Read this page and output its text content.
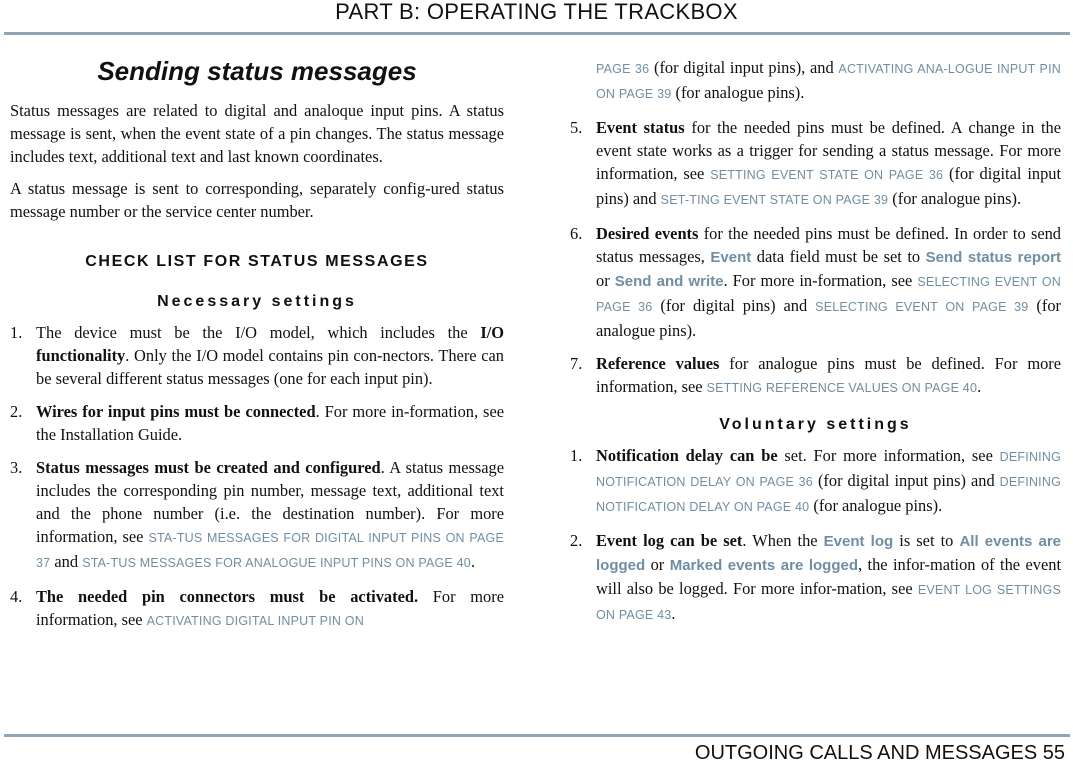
PART B: OPERATING THE TRACKBOX
Sending status messages

Status messages are related to digital and analoque input pins. A status message is sent, when the event state of a pin changes. The status message includes text, additional text and last known coordinates.

A status message is sent to corresponding, separately config-ured status message number or the service center number.

CHECK LIST FOR STATUS MESSAGES
Necessary settings
1. The device must be the I/O model, which includes the I/O functionality. Only the I/O model contains pin con-nectors. There can be several different status messages (one for each input pin).
2. Wires for input pins must be connected. For more in-formation, see the Installation Guide.
3. Status messages must be created and configured. A status message includes the corresponding pin number, message text, additional text and the phone number (i.e. the destination number). For more information, see STA-TUS MESSAGES FOR DIGITAL INPUT PINS ON PAGE 37 and STA-TUS MESSAGES FOR ANALOGUE INPUT PINS ON PAGE 40.
4. The needed pin connectors must be activated. For more information, see ACTIVATING DIGITAL INPUT PIN ON
PAGE 36 (for digital input pins), and ACTIVATING ANA-LOGUE INPUT PIN ON PAGE 39 (for analogue pins).
5. Event status for the needed pins must be defined. A change in the event state works as a trigger for sending a status message. For more information, see SETTING EVENT STATE ON PAGE 36 (for digital input pins) and SET-TING EVENT STATE ON PAGE 39 (for analogue pins).
6. Desired events for the needed pins must be defined. In order to send status messages, Event data field must be set to Send status report or Send and write. For more in-formation, see SELECTING EVENT ON PAGE 36 (for digital pins) and SELECTING EVENT ON PAGE 39 (for analogue pins).
7. Reference values for analogue pins must be defined. For more information, see SETTING REFERENCE VALUES ON PAGE 40.
Voluntary settings
1. Notification delay can be set. For more information, see DEFINING NOTIFICATION DELAY ON PAGE 36 (for digital input pins) and DEFINING NOTIFICATION DELAY ON PAGE 40 (for analogue pins).
2. Event log can be set. When the Event log is set to All events are logged or Marked events are logged, the infor-mation of the event will also be logged. For more infor-mation, see EVENT LOG SETTINGS ON PAGE 43.
OUTGOING CALLS AND MESSAGES 55
